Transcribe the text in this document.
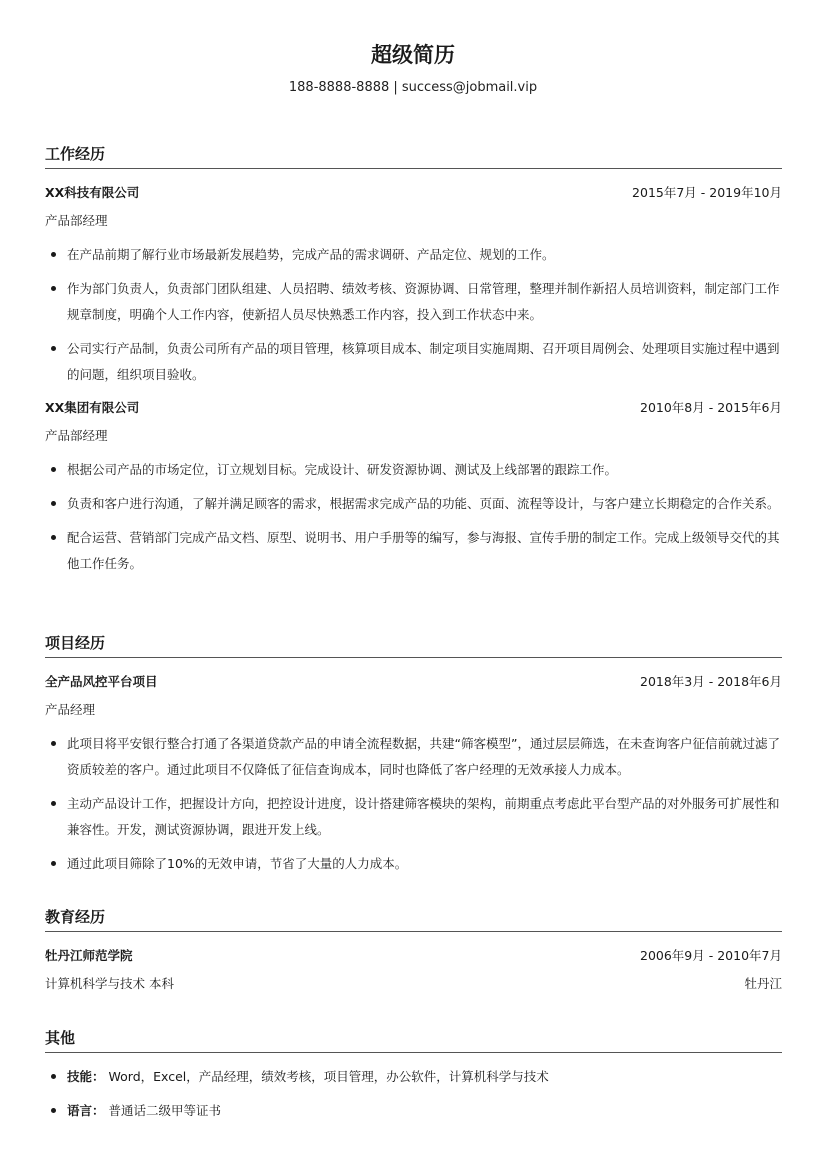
超级简历
188-8888-8888 | success@jobmail.vip
工作经历
XX科技有限公司	2015年7月 - 2019年10月
产品部经理
在产品前期了解行业市场最新发展趋势，完成产品的需求调研、产品定位、规划的工作。
作为部门负责人，负责部门团队组建、人员招聘、绩效考核、资源协调、日常管理，整理并制作新招人员培训资料，制定部门工作规章制度，明确个人工作内容，使新招人员尽快熟悉工作内容，投入到工作状态中来。
公司实行产品制，负责公司所有产品的项目管理，核算项目成本、制定项目实施周期、召开项目周例会、处理项目实施过程中遇到的问题，组织项目验收。
XX集团有限公司	2010年8月 - 2015年6月
产品部经理
根据公司产品的市场定位，订立规划目标。完成设计、研发资源协调、测试及上线部署的跟踪工作。
负责和客户进行沟通，了解并满足顾客的需求，根据需求完成产品的功能、页面、流程等设计，与客户建立长期稳定的合作关系。
配合运营、营销部门完成产品文档、原型、说明书、用户手册等的编写，参与海报、宣传手册的制定工作。完成上级领导交代的其他工作任务。
项目经历
全产品风控平台项目	2018年3月 - 2018年6月
产品经理
此项目将平安银行整合打通了各渠道贷款产品的申请全流程数据，共建“筛客模型”，通过层层筛选，在未查询客户征信前就过滤了资质较差的客户。通过此项目不仅降低了征信查询成本，同时也降低了客户经理的无效承接人力成本。
主动产品设计工作，把握设计方向，把控设计进度，设计搭建筛客模块的架构，前期重点考虑此平台型产品的对外服务可扩展性和兼容性。开发，测试资源协调，跟进开发上线。
通过此项目筛除了10%的无效申请，节省了大量的人力成本。
教育经历
牡丹江师范学院	2006年9月 - 2010年7月
计算机科学与技术 本科	牡丹江
其他
技能： Word，Excel，产品经理，绩效考核，项目管理，办公软件，计算机科学与技术
语言： 普通话二级甲等证书
